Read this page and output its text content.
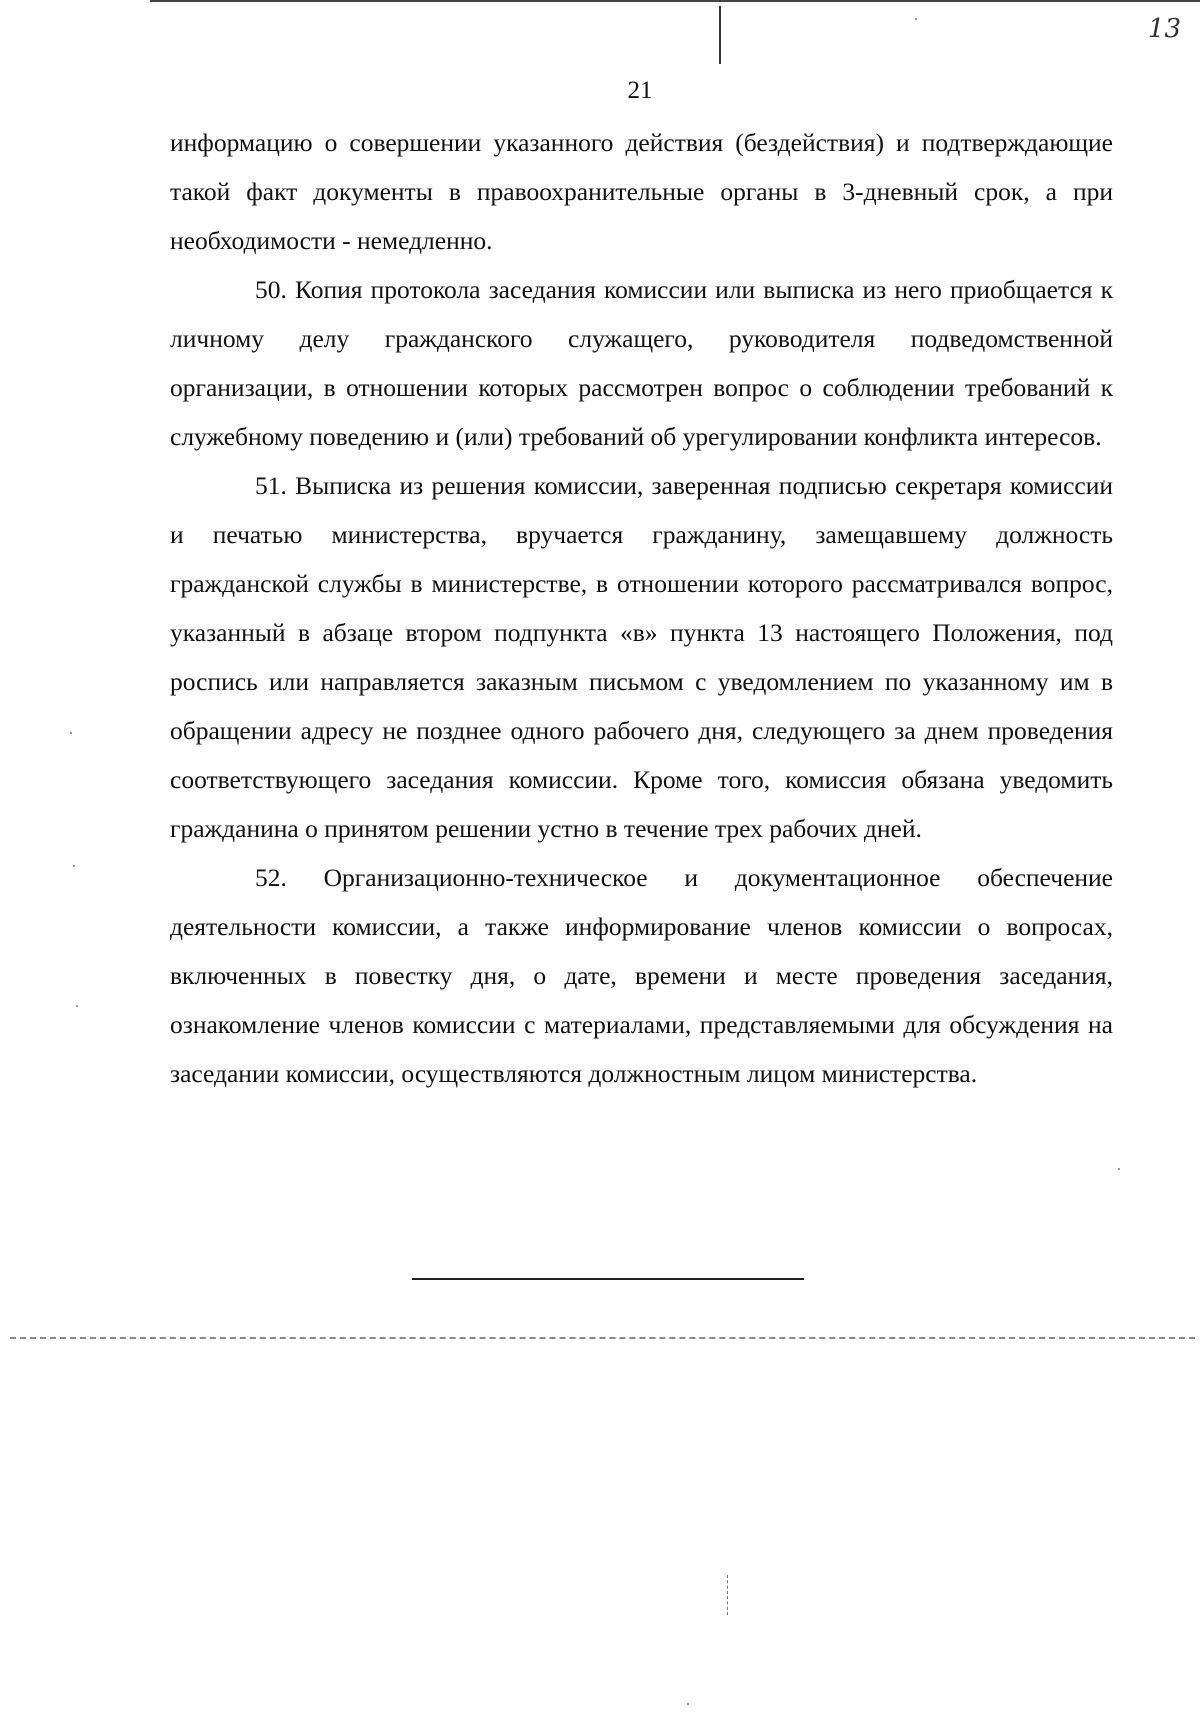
13
21

информацию о совершении указанного действия (бездействия) и подтверждающие такой факт документы в правоохранительные органы в 3-дневный срок, а при необходимости - немедленно.

50. Копия протокола заседания комиссии или выписка из него приобщается к личному делу гражданского служащего, руководителя подведомственной организации, в отношении которых рассмотрен вопрос о соблюдении требований к служебному поведению и (или) требований об урегулировании конфликта интересов.

51. Выписка из решения комиссии, заверенная подписью секретаря комиссии и печатью министерства, вручается гражданину, замещавшему должность гражданской службы в министерстве, в отношении которого рассматривался вопрос, указанный в абзаце втором подпункта «в» пункта 13 настоящего Положения, под роспись или направляется заказным письмом с уведомлением по указанному им в обращении адресу не позднее одного рабочего дня, следующего за днем проведения соответствующего заседания комиссии. Кроме того, комиссия обязана уведомить гражданина о принятом решении устно в течение трех рабочих дней.

52. Организационно-техническое и документационное обеспечение деятельности комиссии, а также информирование членов комиссии о вопросах, включенных в повестку дня, о дате, времени и месте проведения заседания, ознакомление членов комиссии с материалами, представляемыми для обсуждения на заседании комиссии, осуществляются должностным лицом министерства.
